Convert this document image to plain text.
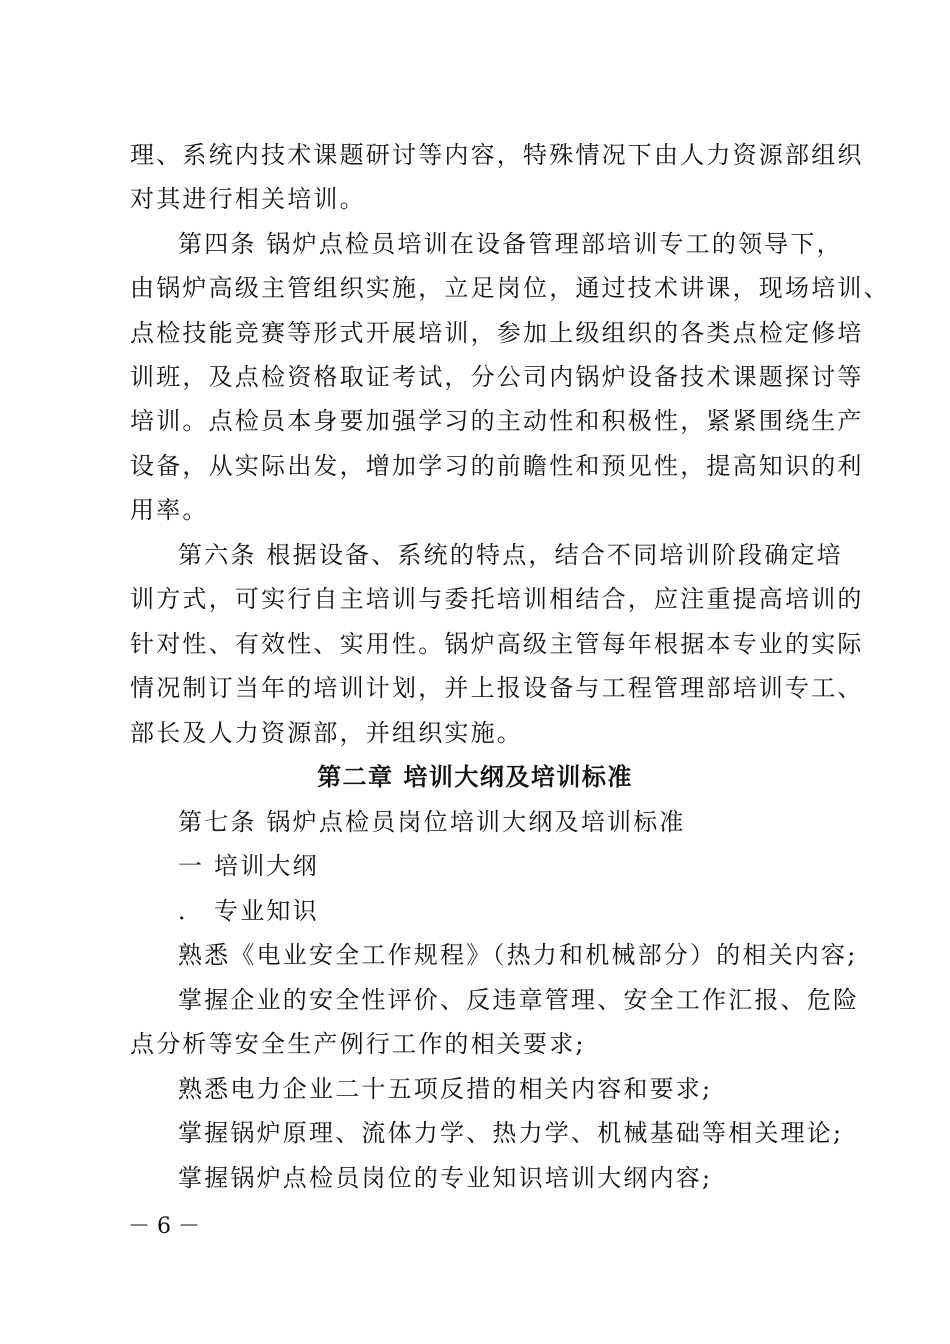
理、系统内技术课题研讨等内容，特殊情况下由人力资源部组织
对其进行相关培训。
第四条 锅炉点检员培训在设备管理部培训专工的领导下，
由锅炉高级主管组织实施，立足岗位，通过技术讲课，现场培训、
点检技能竞赛等形式开展培训，参加上级组织的各类点检定修培
训班，及点检资格取证考试，分公司内锅炉设备技术课题探讨等
培训。点检员本身要加强学习的主动性和积极性，紧紧围绕生产
设备，从实际出发，增加学习的前瞻性和预见性，提高知识的利
用率。
第六条 根据设备、系统的特点，结合不同培训阶段确定培
训方式，可实行自主培训与委托培训相结合，应注重提高培训的
针对性、有效性、实用性。锅炉高级主管每年根据本专业的实际
情况制订当年的培训计划，并上报设备与工程管理部培训专工、
部长及人力资源部，并组织实施。
第二章 培训大纲及培训标准
第七条 锅炉点检员岗位培训大纲及培训标准
一 培训大纲
． 专业知识
熟悉《电业安全工作规程》（热力和机械部分）的相关内容;
掌握企业的安全性评价、反违章管理、安全工作汇报、危险
点分析等安全生产例行工作的相关要求;
熟悉电力企业二十五项反措的相关内容和要求;
掌握锅炉原理、流体力学、热力学、机械基础等相关理论;
掌握锅炉点检员岗位的专业知识培训大纲内容;
－ 6 －
